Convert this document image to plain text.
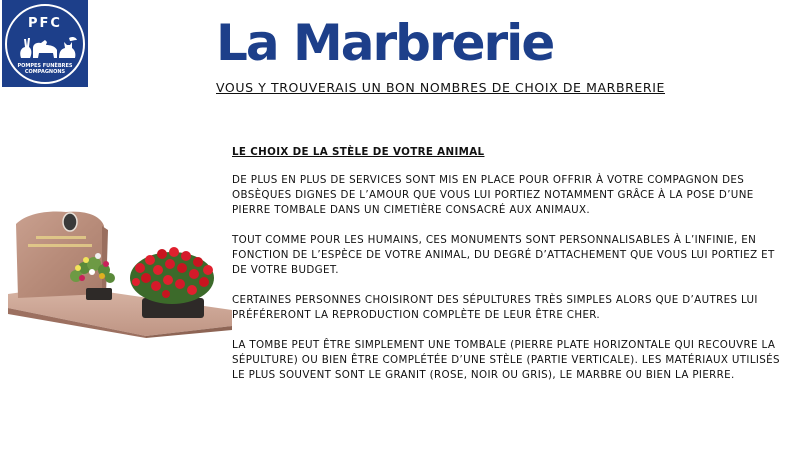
PFC
POMPES FUNÈBRES
COMPAGNONS	La Marbrerie
VOUS Y TROUVERAIS UN BON NOMBRES DE CHOIX DE MARBRERIE
LE CHOIX DE LA STÈLE DE VOTRE ANIMAL

DE PLUS EN PLUS DE SERVICES SONT MIS EN PLACE POUR OFFRIR À VOTRE COMPAGNON DES OBSÈQUES DIGNES DE L’AMOUR QUE VOUS LUI PORTIEZ NOTAMMENT GRÂCE À LA POSE D’UNE PIERRE TOMBALE DANS UN CIMETIÈRE CONSACRÉ AUX ANIMAUX.

TOUT COMME POUR LES HUMAINS, CES MONUMENTS SONT PERSONNALISABLES À L’INFINIE, EN FONCTION DE L’ESPÈCE DE VOTRE ANIMAL, DU DEGRÉ D’ATTACHEMENT QUE VOUS LUI PORTIEZ ET DE VOTRE BUDGET.

CERTAINES PERSONNES CHOISIRONT DES SÉPULTURES TRÈS SIMPLES ALORS QUE D’AUTRES LUI PRÉFÉRERONT LA REPRODUCTION COMPLÈTE DE LEUR ÊTRE CHER.

LA TOMBE PEUT ÊTRE SIMPLEMENT UNE TOMBALE (PIERRE PLATE HORIZONTALE QUI RECOUVRE LA SÉPULTURE) OU BIEN ÊTRE COMPLÉTÉE D’UNE STÈLE (PARTIE VERTICALE). LES MATÉRIAUX UTILISÉS LE PLUS SOUVENT SONT LE GRANIT (ROSE, NOIR OU GRIS), LE MARBRE OU BIEN LA PIERRE.
